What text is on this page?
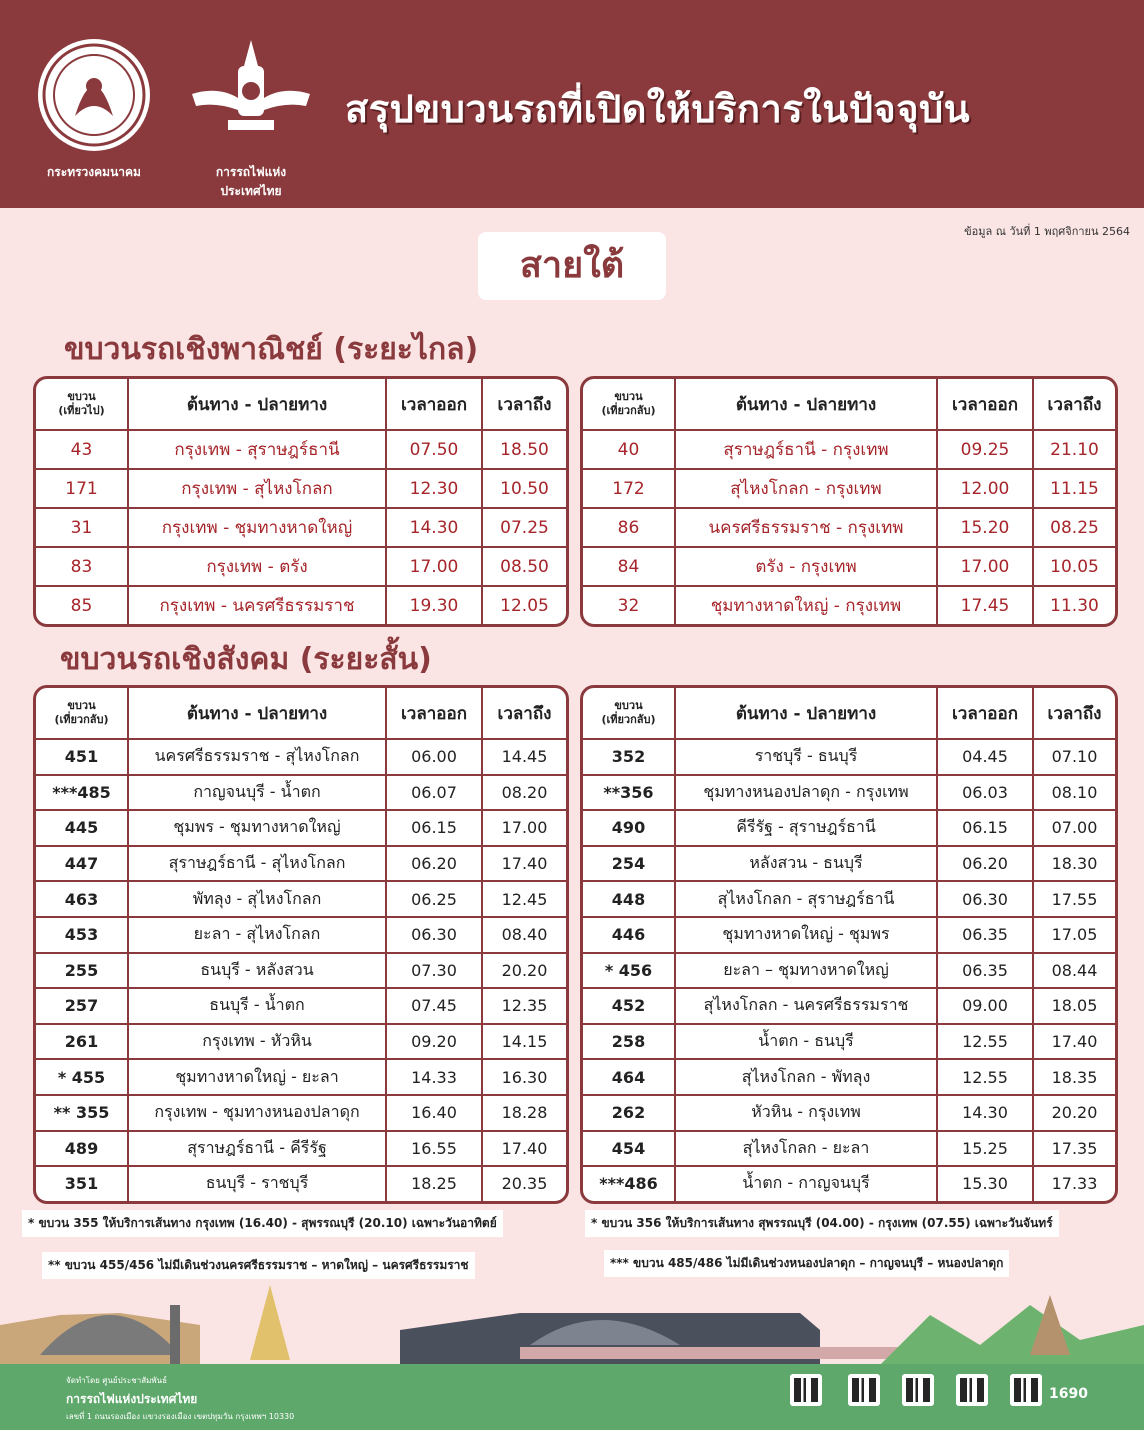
กระทรวงคมนาคม	การรถไฟแห่งประเทศไทย
สรุปขบวนรถที่เปิดให้บริการในปัจจุบัน
ข้อมูล ณ วันที่ 1 พฤศจิกายน 2564
สายใต้
ขบวนรถเชิงพาณิชย์ (ระยะไกล)
ขบวน
(เที่ยวไป)	ต้นทาง - ปลายทาง	เวลาออก	เวลาถึง
43	กรุงเทพ - สุราษฎร์ธานี	07.50	18.50
171	กรุงเทพ - สุไหงโกลก	12.30	10.50
31	กรุงเทพ - ชุมทางหาดใหญ่	14.30	07.25
83	กรุงเทพ - ตรัง	17.00	08.50
85	กรุงเทพ - นครศรีธรรมราช	19.30	12.05
ขบวน
(เที่ยวกลับ)	ต้นทาง - ปลายทาง	เวลาออก	เวลาถึง
40	สุราษฎร์ธานี - กรุงเทพ	09.25	21.10
172	สุไหงโกลก - กรุงเทพ	12.00	11.15
86	นครศรีธรรมราช - กรุงเทพ	15.20	08.25
84	ตรัง - กรุงเทพ	17.00	10.05
32	ชุมทางหาดใหญ่ - กรุงเทพ	17.45	11.30
ขบวนรถเชิงสังคม (ระยะสั้น)
ขบวน
(เที่ยวกลับ)	ต้นทาง - ปลายทาง	เวลาออก	เวลาถึง
451	นครศรีธรรมราช - สุไหงโกลก	06.00	14.45
***485	กาญจนบุรี - น้ำตก	06.07	08.20
445	ชุมพร - ชุมทางหาดใหญ่	06.15	17.00
447	สุราษฎร์ธานี - สุไหงโกลก	06.20	17.40
463	พัทลุง - สุไหงโกลก	06.25	12.45
453	ยะลา - สุไหงโกลก	06.30	08.40
255	ธนบุรี - หลังสวน	07.30	20.20
257	ธนบุรี - น้ำตก	07.45	12.35
261	กรุงเทพ - หัวหิน	09.20	14.15
* 455	ชุมทางหาดใหญ่ - ยะลา	14.33	16.30
** 355	กรุงเทพ - ชุมทางหนองปลาดุก	16.40	18.28
489	สุราษฎร์ธานี - คีรีรัฐ	16.55	17.40
351	ธนบุรี - ราชบุรี	18.25	20.35
ขบวน
(เที่ยวกลับ)	ต้นทาง - ปลายทาง	เวลาออก	เวลาถึง
352	ราชบุรี - ธนบุรี	04.45	07.10
**356	ชุมทางหนองปลาดุก - กรุงเทพ	06.03	08.10
490	คีรีรัฐ - สุราษฎร์ธานี	06.15	07.00
254	หลังสวน - ธนบุรี	06.20	18.30
448	สุไหงโกลก - สุราษฎร์ธานี	06.30	17.55
446	ชุมทางหาดใหญ่ - ชุมพร	06.35	17.05
* 456	ยะลา – ชุมทางหาดใหญ่	06.35	08.44
452	สุไหงโกลก - นครศรีธรรมราช	09.00	18.05
258	น้ำตก - ธนบุรี	12.55	17.40
464	สุไหงโกลก - พัทลุง	12.55	18.35
262	หัวหิน - กรุงเทพ	14.30	20.20
454	สุไหงโกลก - ยะลา	15.25	17.35
***486	น้ำตก - กาญจนบุรี	15.30	17.33
* ขบวน 355 ให้บริการเส้นทาง กรุงเทพ (16.40) - สุพรรณบุรี (20.10) เฉพาะวันอาทิตย์	* ขบวน 356 ให้บริการเส้นทาง สุพรรณบุรี (04.00) - กรุงเทพ (07.55) เฉพาะวันจันทร์
** ขบวน 455/456 ไม่มีเดินช่วงนครศรีธรรมราช – หาดใหญ่ – นครศรีธรรมราช	*** ขบวน 485/486 ไม่มีเดินช่วงหนองปลาดุก – กาญจนบุรี – หนองปลาดุก
จัดทำโดย ศูนย์ประชาสัมพันธ์
การรถไฟแห่งประเทศไทย
เลขที่ 1 ถนนรองเมือง แขวงรองเมือง เขตปทุมวัน กรุงเทพฯ 10330
1690
